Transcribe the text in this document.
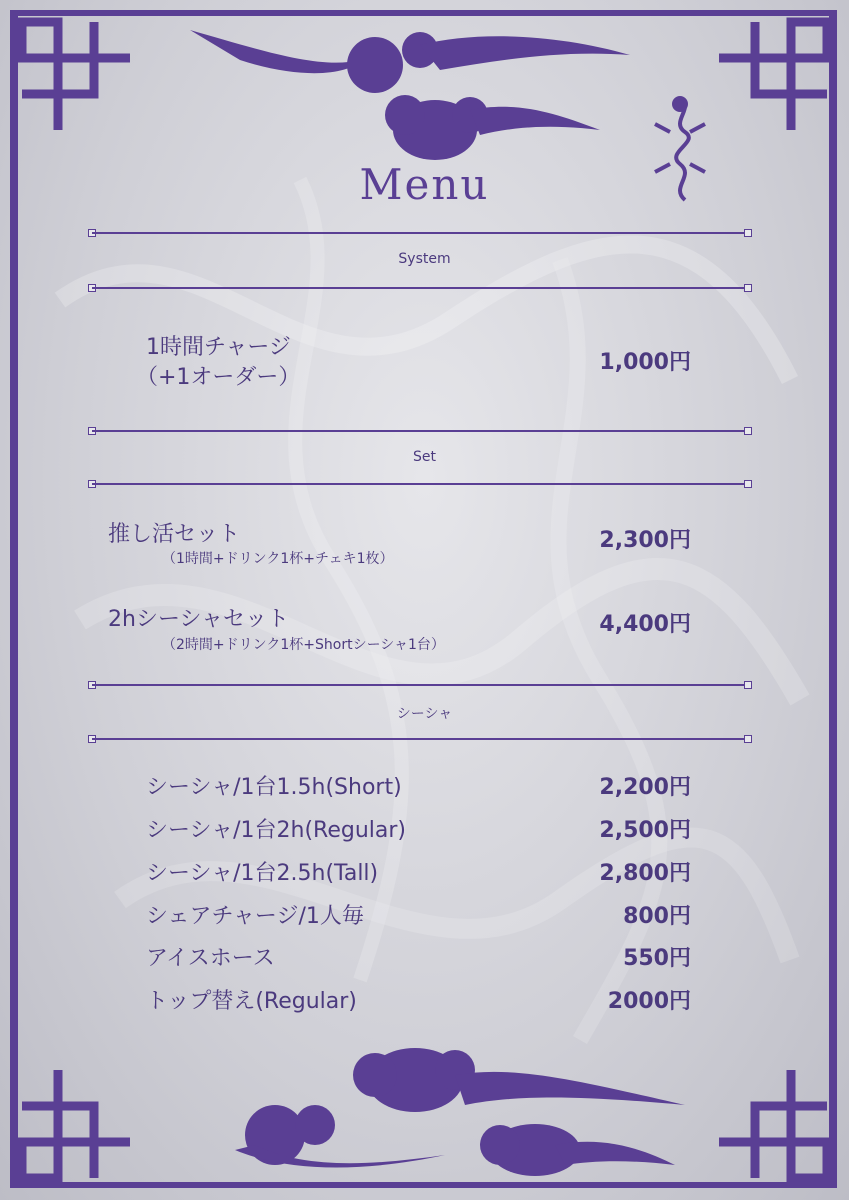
Menu
System
1時間チャージ
（+1オーダー）
1,000円
Set
推し活セット
（1時間+ドリンク1杯+チェキ1枚）
2,300円
2hシーシャセット
（2時間+ドリンク1杯+Shortシーシャ1台）
4,400円
シーシャ
シーシャ/1台1.5h(Short)	2,200円
シーシャ/1台2h(Regular)	2,500円
シーシャ/1台2.5h(Tall)	2,800円
シェアチャージ/1人毎	800円
アイスホース	550円
トップ替え(Regular)	2000円
